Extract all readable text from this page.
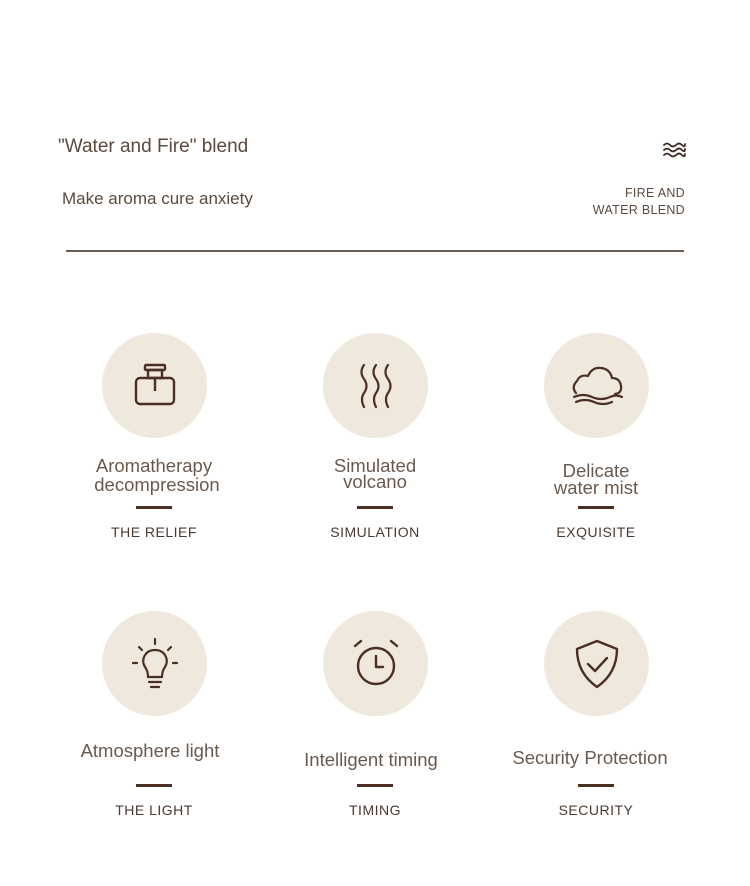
"Water and Fire" blend
Make aroma cure anxiety	FIRE AND
WATER BLEND
Aromatherapy
decompression
THE RELIEF
Simulated
volcano
SIMULATION
Delicate
water mist
EXQUISITE
Atmosphere light
THE LIGHT
Intelligent timing
TIMING
Security Protection
SECURITY
